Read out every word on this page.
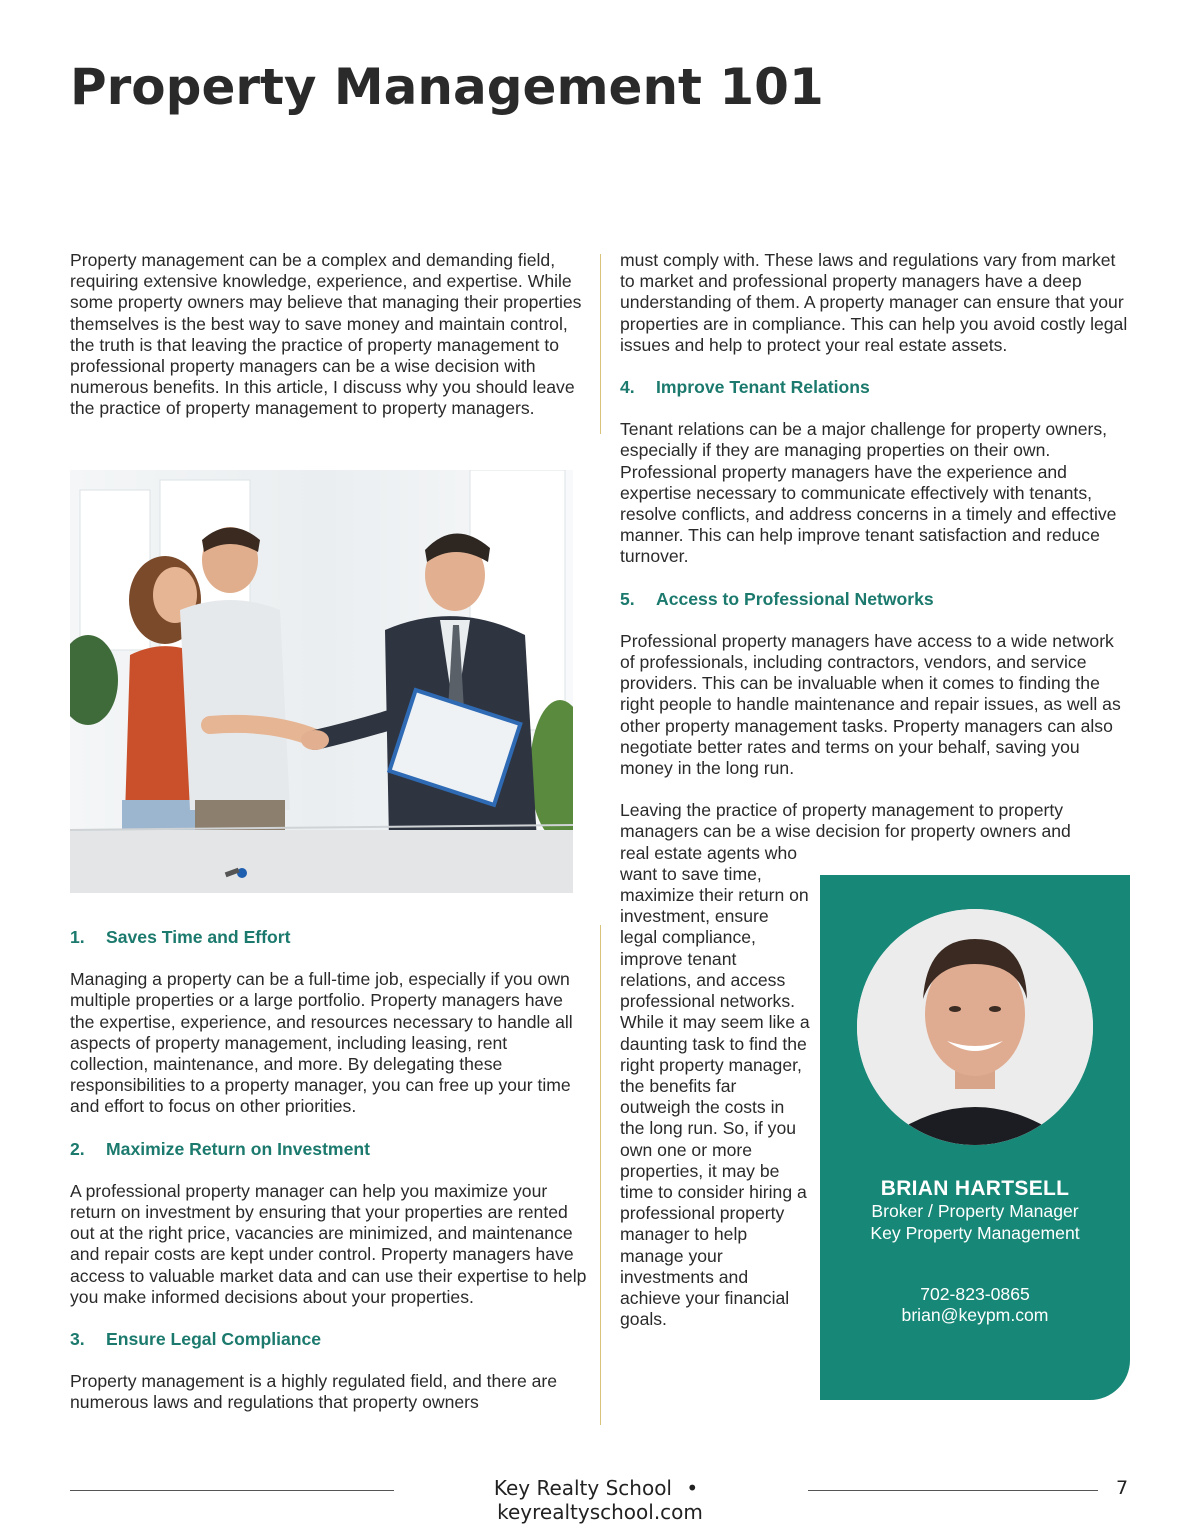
Property Management 101

Property management can be a complex and demanding field, requiring extensive knowledge, experience, and expertise. While some property owners may believe that managing their properties themselves is the best way to save money and maintain control, the truth is that leaving the practice of property management to professional property managers can be a wise decision with numerous benefits. In this article, I discuss why you should leave the practice of property management to property managers.

1. Saves Time and Effort

Managing a property can be a full-time job, especially if you own multiple properties or a large portfolio. Property managers have the expertise, experience, and resources necessary to handle all aspects of property management, including leasing, rent collection, maintenance, and more. By delegating these responsibilities to a property manager, you can free up your time and effort to focus on other priorities.

2. Maximize Return on Investment

A professional property manager can help you maximize your return on investment by ensuring that your properties are rented out at the right price, vacancies are minimized, and maintenance and repair costs are kept under control. Property managers have access to valuable market data and can use their expertise to help you make informed decisions about your properties.

3. Ensure Legal Compliance

Property management is a highly regulated field, and there are numerous laws and regulations that property owners

must comply with. These laws and regulations vary from market to market and professional property managers have a deep understanding of them. A property manager can ensure that your properties are in compliance. This can help you avoid costly legal issues and help to protect your real estate assets.

4. Improve Tenant Relations

Tenant relations can be a major challenge for property owners, especially if they are managing properties on their own. Professional property managers have the experience and expertise necessary to communicate effectively with tenants, resolve conflicts, and address concerns in a timely and effective manner. This can help improve tenant satisfaction and reduce turnover.

5. Access to Professional Networks

Professional property managers have access to a wide network of professionals, including contractors, vendors, and service providers. This can be invaluable when it comes to finding the right people to handle maintenance and repair issues, as well as other property management tasks. Property managers can also negotiate better rates and terms on your behalf, saving you money in the long run.

Leaving the practice of property management to property managers can be a wise decision for property owners and

real estate agents who want to save time, maximize their return on investment, ensure legal compliance, improve tenant relations, and access professional networks. While it may seem like a daunting task to find the right property manager, the benefits far outweigh the costs in the long run. So, if you own one or more properties, it may be time to consider hiring a professional property manager to help manage your investments and achieve your financial goals.

BRIAN HARTSELL
Broker / Property Manager
Key Property Management
702-823-0865
brian@keypm.com
Key Realty School • keyrealtyschool.com
7
